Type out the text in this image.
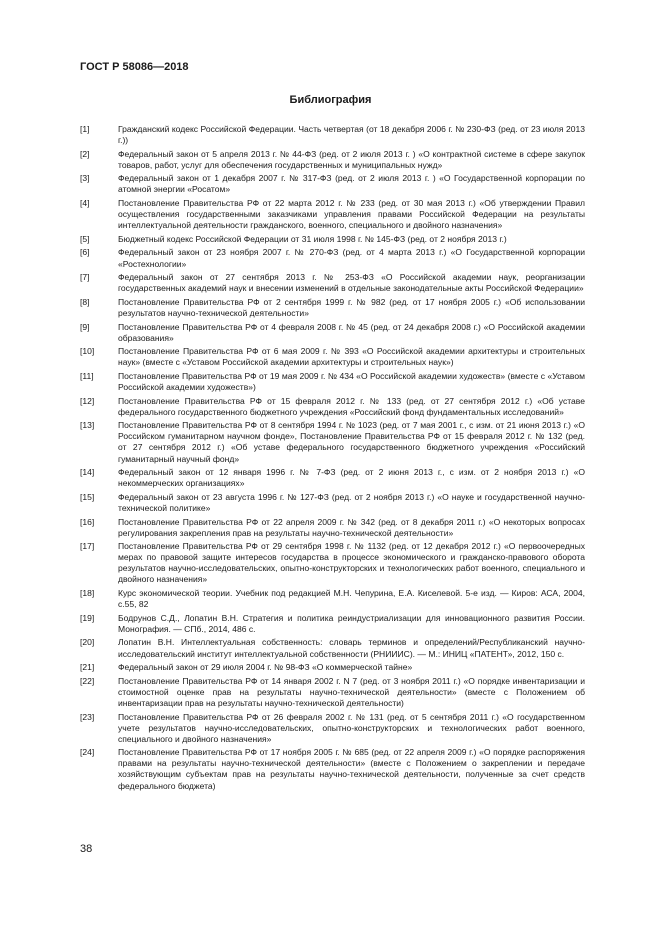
ГОСТ Р 58086—2018
Библиография
[1]	Гражданский кодекс Российской Федерации. Часть четвертая (от 18 декабря 2006 г. № 230-ФЗ (ред. от 23 июля 2013 г.))
[2]	Федеральный закон от 5 апреля 2013 г. № 44-ФЗ (ред. от 2 июля 2013 г. ) «О контрактной системе в сфере закупок товаров, работ, услуг для обеспечения государственных и муниципальных нужд»
[3]	Федеральный закон от 1 декабря 2007 г. № 317-ФЗ (ред. от 2 июля 2013 г. ) «О Государственной корпорации по атомной энергии «Росатом»
[4]	Постановление Правительства РФ от 22 марта 2012 г. № 233 (ред. от 30 мая 2013 г.) «Об утверждении Правил осуществления государственными заказчиками управления правами Российской Федерации на результаты интеллектуальной деятельности гражданского, военного, специального и двойного назначения»
[5]	Бюджетный кодекс Российской Федерации от 31 июля 1998 г. № 145-ФЗ (ред. от 2 ноября 2013 г.)
[6]	Федеральный закон от 23 ноября 2007 г. № 270-ФЗ (ред. от 4 марта 2013 г.) «О Государственной корпорации «Ростехнологии»
[7]	Федеральный закон от 27 сентября 2013 г. № 253-ФЗ «О Российской академии наук, реорганизации государственных академий наук и внесении изменений в отдельные законодательные акты Российской Федерации»
[8]	Постановление Правительства РФ от 2 сентября 1999 г. № 982 (ред. от 17 ноября 2005 г.) «Об использовании результатов научно-технической деятельности»
[9]	Постановление Правительства РФ от 4 февраля 2008 г. № 45 (ред. от 24 декабря 2008 г.) «О Российской академии образования»
[10]	Постановление Правительства РФ от 6 мая 2009 г. № 393 «О Российской академии архитектуры и строительных наук» (вместе с «Уставом Российской академии архитектуры и строительных наук»)
[11]	Постановление Правительства РФ от 19 мая 2009 г. № 434 «О Российской академии художеств» (вместе с «Уставом Российской академии художеств»)
[12]	Постановление Правительства РФ от 15 февраля 2012 г. № 133 (ред. от 27 сентября 2012 г.) «Об уставе федерального государственного бюджетного учреждения «Российский фонд фундаментальных исследований»
[13]	Постановление Правительства РФ от 8 сентября 1994 г. № 1023 (ред. от 7 мая 2001 г., с изм. от 21 июня 2013 г.) «О Российском гуманитарном научном фонде», Постановление Правительства РФ от 15 февраля 2012 г. № 132 (ред. от 27 сентября 2012 г.) «Об уставе федерального государственного бюджетного учреждения «Российский гуманитарный научный фонд»
[14]	Федеральный закон от 12 января 1996 г. № 7-ФЗ (ред. от 2 июня 2013 г., с изм. от 2 ноября 2013 г.) «О некоммерческих организациях»
[15]	Федеральный закон от 23 августа 1996 г. № 127-ФЗ (ред. от 2 ноября 2013 г.) «О науке и государственной научно-технической политике»
[16]	Постановление Правительства РФ от 22 апреля 2009 г. № 342 (ред. от 8 декабря 2011 г.) «О некоторых вопросах регулирования закрепления прав на результаты научно-технической деятельности»
[17]	Постановление Правительства РФ от 29 сентября 1998 г. № 1132 (ред. от 12 декабря 2012 г.) «О первоочередных мерах по правовой защите интересов государства в процессе экономического и гражданско-правового оборота результатов научно-исследовательских, опытно-конструкторских и технологических работ военного, специального и двойного назначения»
[18]	Курс экономической теории. Учебник под редакцией М.Н. Чепурина, Е.А. Киселевой. 5-е изд. — Киров: АСА, 2004, с.55, 82
[19]	Бодрунов С.Д., Лопатин В.Н. Стратегия и политика реиндустриализации для инновационного развития России. Монография. — СПб., 2014, 486 с.
[20]	Лопатин В.Н. Интеллектуальная собственность: словарь терминов и определений/Республиканский научно-исследовательский институт интеллектуальной собственности (РНИИИС). — М.: ИНИЦ «ПАТЕНТ», 2012, 150 с.
[21]	Федеральный закон от 29 июля 2004 г. № 98-ФЗ «О коммерческой тайне»
[22]	Постановление Правительства РФ от 14 января 2002 г. N 7 (ред. от 3 ноября 2011 г.) «О порядке инвентаризации и стоимостной оценке прав на результаты научно-технической деятельности» (вместе с Положением об инвентаризации прав на результаты научно-технической деятельности)
[23]	Постановление Правительства РФ от 26 февраля 2002 г. № 131 (ред. от 5 сентября 2011 г.) «О государственном учете результатов научно-исследовательских, опытно-конструкторских и технологических работ военного, специального и двойного назначения»
[24]	Постановление Правительства РФ от 17 ноября 2005 г. № 685 (ред. от 22 апреля 2009 г.) «О порядке распоряжения правами на результаты научно-технической деятельности» (вместе с Положением о закреплении и передаче хозяйствующим субъектам прав на результаты научно-технической деятельности, полученные за счет средств федерального бюджета)
38
